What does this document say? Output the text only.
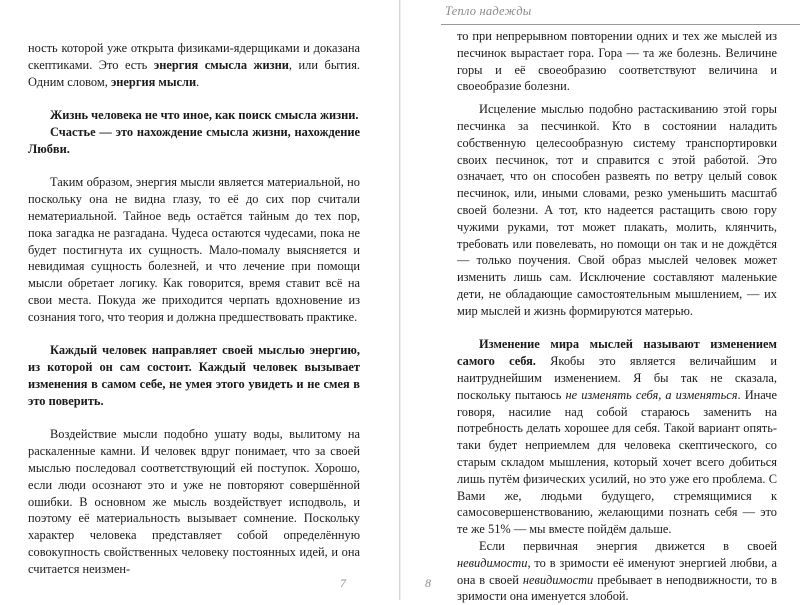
ность которой уже открыта физиками-ядерщиками и доказана скептиками. Это есть энергия смысла жизни, или бытия. Одним словом, энергия мысли.

Жизнь человека не что иное, как поиск смысла жизни.

Счастье — это нахождение смысла жизни, нахождение Любви.

Таким образом, энергия мысли является материальной, но поскольку она не видна глазу, то её до сих пор считали нематериальной. Тайное ведь остаётся тайным до тех пор, пока загадка не разгадана. Чудеса остаются чудесами, пока не будет постигнута их сущность. Мало-помалу выясняется и невидимая сущность болезней, и что лечение при помощи мысли обретает логику. Как говорится, время ставит всё на свои места. Покуда же приходится черпать вдохновение из сознания того, что теория и должна предшествовать практике.

Каждый человек направляет своей мыслью энергию, из которой он сам состоит. Каждый человек вызывает изменения в самом себе, не умея этого увидеть и не смея в это поверить.

Воздействие мысли подобно ушату воды, вылитому на раскаленные камни. И человек вдруг понимает, что за своей мыслью последовал соответствующий ей поступок. Хорошо, если люди осознают это и уже не повторяют совершённой ошибки. В основном же мысль воздействует исподволь, и поэтому её материальность вызывает сомнение. Поскольку характер человека представляет собой определённую совокупность свойственных человеку постоянных идей, и она считается неизмен-

7
Тепло надежды

то при непрерывном повторении одних и тех же мыслей из песчинок вырастает гора. Гора — та же болезнь. Величине горы и её своеобразию соответствуют величина и своеобразие болезни.

Исцеление мыслью подобно растаскиванию этой горы песчинка за песчинкой. Кто в состоянии наладить собственную целесообразную систему транспортировки своих песчинок, тот и справится с этой работой. Это означает, что он способен развеять по ветру целый совок песчинок, или, иными словами, резко уменьшить масштаб своей болезни. А тот, кто надеется растащить свою гору чужими руками, тот может плакать, молить, клянчить, требовать или повелевать, но помощи он так и не дождётся — только поучения. Свой образ мыслей человек может изменить лишь сам. Исключение составляют маленькие дети, не обладающие самостоятельным мышлением, — их мир мыслей и жизнь формируются матерью.

Изменение мира мыслей называют изменением самого себя. Якобы это является величайшим и наитруднейшим изменением. Я бы так не сказала, поскольку пытаюсь не изменять себя, а изменяться. Иначе говоря, насилие над собой стараюсь заменить на потребность делать хорошее для себя. Такой вариант опять-таки будет неприемлем для человека скептического, со старым складом мышления, который хочет всего добиться лишь путём физических усилий, но это уже его проблема. С Вами же, людьми будущего, стремящимися к самосовершенствованию, желающими познать себя — это те же 51% — мы вместе пойдём дальше.

Если первичная энергия движется в своей невидимости, то в зримости её именуют энергией любви, а она в своей невидимости пребывает в неподвижности, то в зримости она именуется злобой.

8
